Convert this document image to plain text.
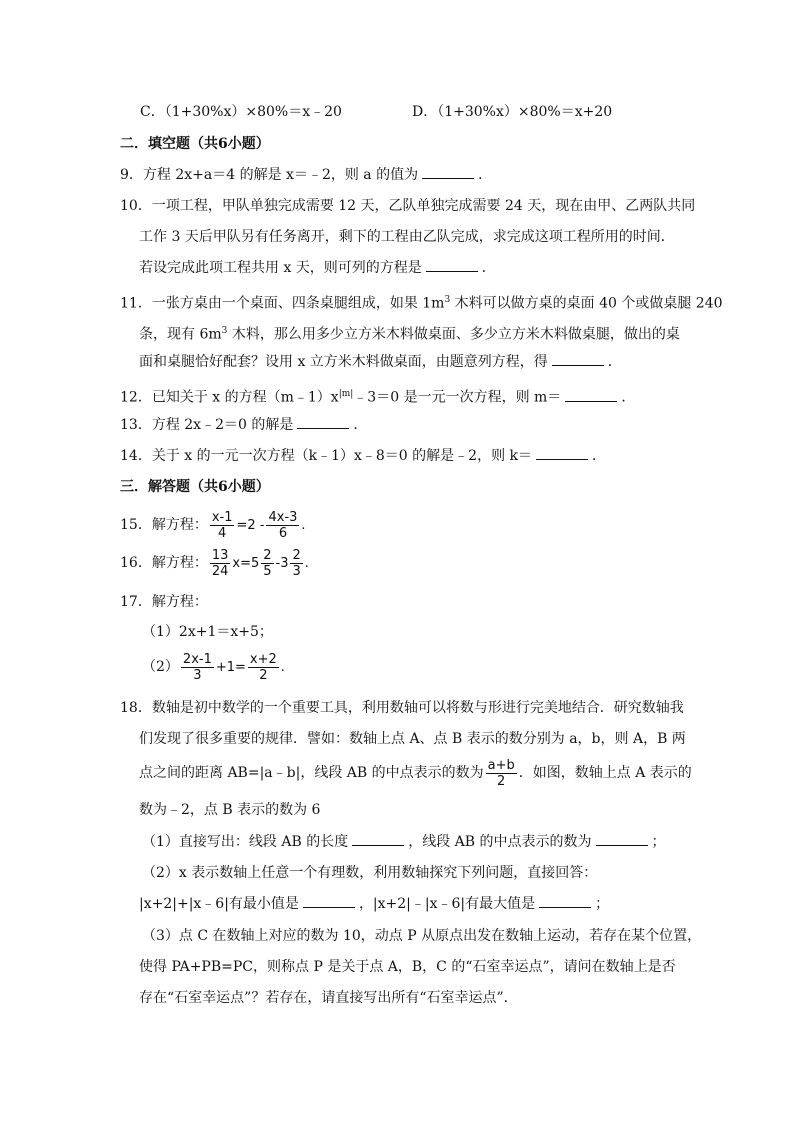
C．（1+30%x）×80%＝x﹣20	D．（1+30%x）×80%＝x+20
二．填空题（共6小题）
9．方程 2x+a＝4 的解是 x＝﹣2，则 a 的值为	．
10．一项工程，甲队单独完成需要 12 天，乙队单独完成需要 24 天，现在由甲、乙两队共同
工作 3 天后甲队另有任务离开，剩下的工程由乙队完成，求完成这项工程所用的时间．
若设完成此项工程共用 x 天，则可列的方程是	．
11．一张方桌由一个桌面、四条桌腿组成，如果 $1m^3$ 木料可以做方桌的桌面 40 个或做桌腿 240
条，现有 $6m^3$ 木料，那么用多少立方米木料做桌面、多少立方米木料做桌腿，做出的桌
面和桌腿恰好配套？设用 x 立方米木料做桌面，由题意列方程，得	．
12．已知关于 x 的方程$(m﹣1)x^{|m|}﹣3=0$ 是一元一次方程，则 m＝	．
13．方程 2x﹣2＝0 的解是	．
14．关于 x 的一元一次方程（k﹣1）x﹣8＝0 的解是﹣2，则 k＝	．
三．解答题（共6小题）
15．解方程： $\frac{x-1}{4} =2 - \frac{4x-3}{6}$ .
16．解方程： $\frac{13}{24} x=5 \frac{2}{5} -3 \frac{2}{3}$ .
17．解方程：
（1）2x+1＝x+5；
$(2) \frac{2x-1}{3} +1= \frac{x+2}{2}$ .
18．数轴是初中数学的一个重要工具，利用数轴可以将数与形进行完美地结合．研究数轴我
们发现了很多重要的规律．譬如：数轴上点 A、点 B 表示的数分别为 a，b，则 A，B 两
点之间的距离 AB=|a﹣b|，线段 AB 的中点表示的数为 $\frac{a+b}{2}$ ．如图，数轴上点 A 表示的
数为﹣2，点 B 表示的数为 6
（1）直接写出：线段 AB 的长度	，线段 AB 的中点表示的数为	；
（2）x 表示数轴上任意一个有理数，利用数轴探究下列问题，直接回答：
|x+2|+|x﹣6|有最小值是	，|x+2|﹣|x﹣6|有最大值是	；
（3）点 C 在数轴上对应的数为 10，动点 P 从原点出发在数轴上运动，若存在某个位置，
使得 PA+PB=PC，则称点 P 是关于点 A，B，C 的“石室幸运点”，请问在数轴上是否
存在“石室幸运点”？若存在，请直接写出所有“石室幸运点”．
